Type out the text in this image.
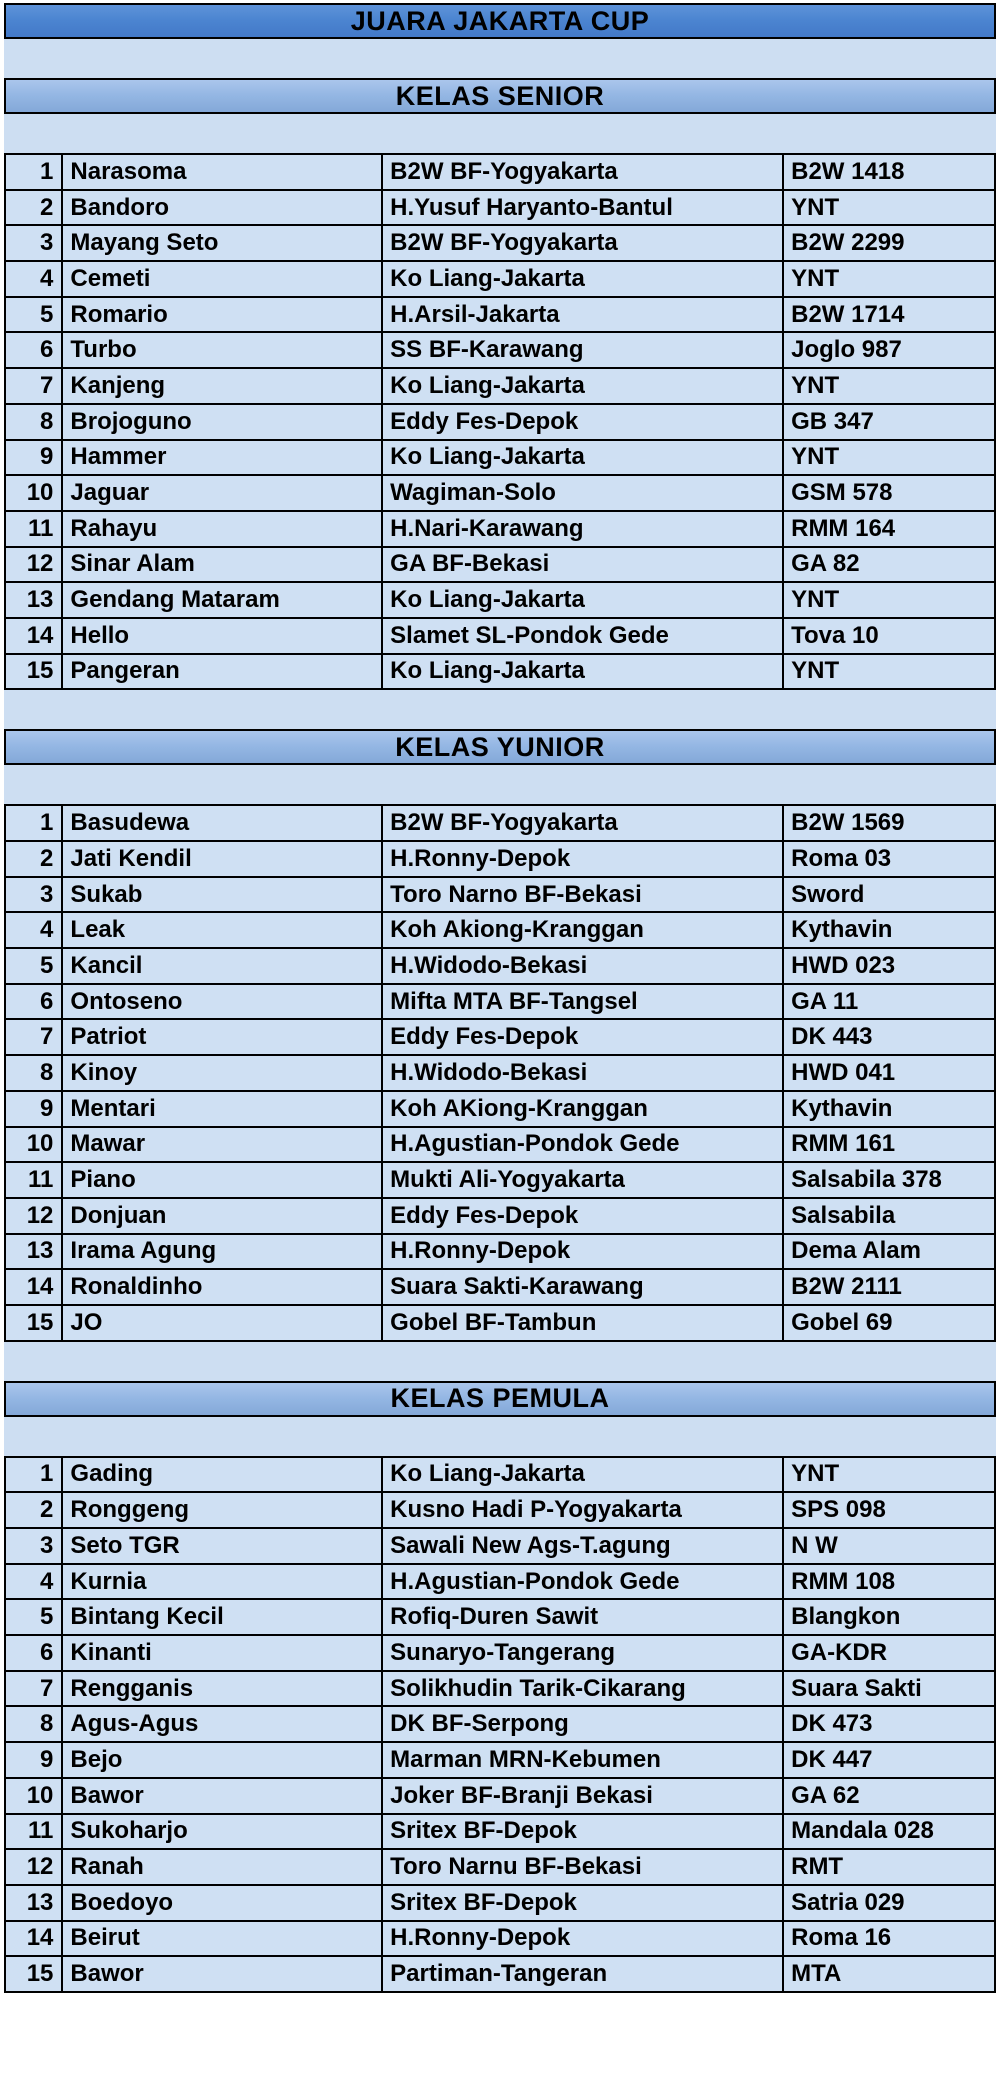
JUARA JAKARTA CUP
KELAS SENIOR
1	Narasoma	B2W BF-Yogyakarta	B2W 1418
2	Bandoro	H.Yusuf Haryanto-Bantul	YNT
3	Mayang Seto	B2W BF-Yogyakarta	B2W 2299
4	Cemeti	Ko Liang-Jakarta	YNT
5	Romario	H.Arsil-Jakarta	B2W 1714
6	Turbo	SS BF-Karawang	Joglo 987
7	Kanjeng	Ko Liang-Jakarta	YNT
8	Brojoguno	Eddy Fes-Depok	GB 347
9	Hammer	Ko Liang-Jakarta	YNT
10	Jaguar	Wagiman-Solo	GSM 578
11	Rahayu	H.Nari-Karawang	RMM 164
12	Sinar Alam	GA BF-Bekasi	GA 82
13	Gendang Mataram	Ko Liang-Jakarta	YNT
14	Hello	Slamet SL-Pondok Gede	Tova 10
15	Pangeran	Ko Liang-Jakarta	YNT
KELAS YUNIOR
1	Basudewa	B2W BF-Yogyakarta	B2W 1569
2	Jati Kendil	H.Ronny-Depok	Roma 03
3	Sukab	Toro Narno BF-Bekasi	Sword
4	Leak	Koh Akiong-Kranggan	Kythavin
5	Kancil	H.Widodo-Bekasi	HWD 023
6	Ontoseno	Mifta MTA BF-Tangsel	GA 11
7	Patriot	Eddy Fes-Depok	DK 443
8	Kinoy	H.Widodo-Bekasi	HWD 041
9	Mentari	Koh AKiong-Kranggan	Kythavin
10	Mawar	H.Agustian-Pondok Gede	RMM 161
11	Piano	Mukti Ali-Yogyakarta	Salsabila 378
12	Donjuan	Eddy Fes-Depok	Salsabila
13	Irama Agung	H.Ronny-Depok	Dema Alam
14	Ronaldinho	Suara Sakti-Karawang	B2W 2111
15	JO	Gobel BF-Tambun	Gobel 69
KELAS PEMULA
1	Gading	Ko Liang-Jakarta	YNT
2	Ronggeng	Kusno Hadi P-Yogyakarta	SPS 098
3	Seto TGR	Sawali New Ags-T.agung	N W
4	Kurnia	H.Agustian-Pondok Gede	RMM 108
5	Bintang Kecil	Rofiq-Duren Sawit	Blangkon
6	Kinanti	Sunaryo-Tangerang	GA-KDR
7	Rengganis	Solikhudin Tarik-Cikarang	Suara Sakti
8	Agus-Agus	DK BF-Serpong	DK 473
9	Bejo	Marman MRN-Kebumen	DK 447
10	Bawor	Joker BF-Branji Bekasi	GA 62
11	Sukoharjo	Sritex BF-Depok	Mandala 028
12	Ranah	Toro Narnu BF-Bekasi	RMT
13	Boedoyo	Sritex BF-Depok	Satria 029
14	Beirut	H.Ronny-Depok	Roma 16
15	Bawor	Partiman-Tangeran	MTA
